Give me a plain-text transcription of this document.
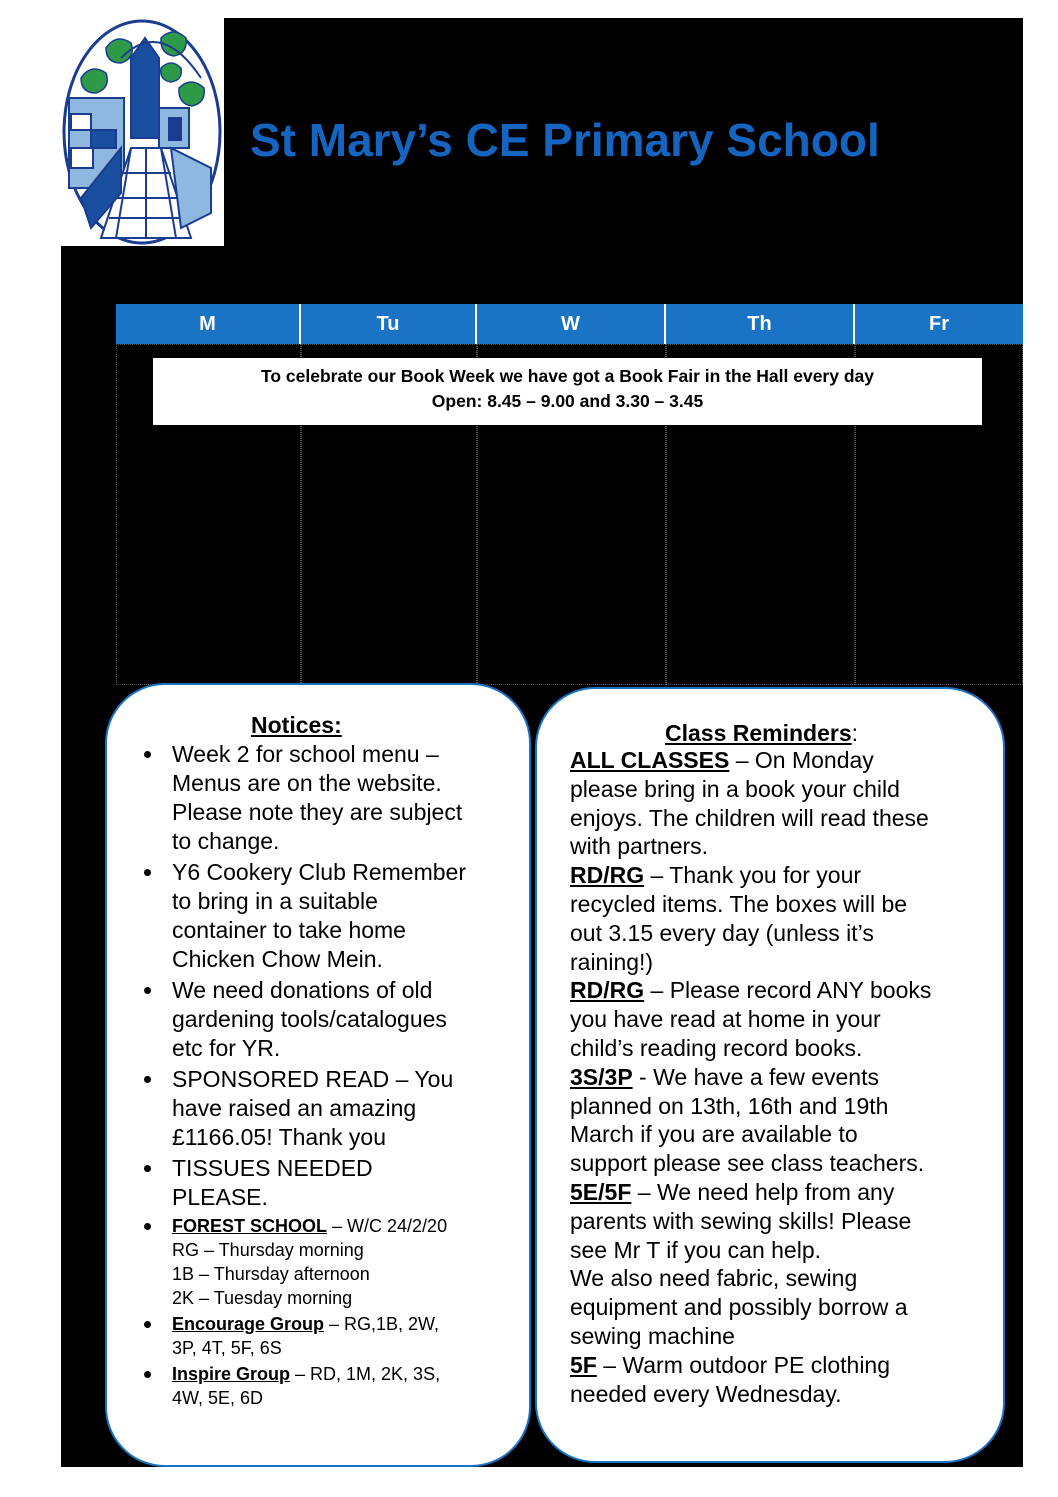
St Mary’s CE Primary School
M	Tu	W	Th	Fr
To celebrate our Book Week we have got a Book Fair in the Hall every day
Open: 8.45 – 9.00 and 3.30 – 3.45
Notices:
Week 2 for school menu –
Menus are on the website.
Please note they are subject
to change.
Y6 Cookery Club Remember
to bring in a suitable
container to take home
Chicken Chow Mein.
We need donations of old
gardening tools/catalogues
etc for YR.
SPONSORED READ – You
have raised an amazing
£1166.05! Thank you
TISSUES NEEDED
PLEASE.
FOREST SCHOOL – W/C 24/2/20
RG – Thursday morning
1B – Thursday afternoon
2K – Tuesday morning
Encourage Group – RG,1B, 2W,
3P, 4T, 5F, 6S
Inspire Group – RD, 1M, 2K, 3S,
4W, 5E, 6D
Class Reminders:
ALL CLASSES – On Monday
please bring in a book your child
enjoys. The children will read these
with partners.
RD/RG – Thank you for your
recycled items. The boxes will be
out 3.15 every day (unless it’s
raining!)
RD/RG – Please record ANY books
you have read at home in your
child’s reading record books.
3S/3P - We have a few events
planned on 13th, 16th and 19th
March if you are available to
support please see class teachers.
5E/5F – We need help from any
parents with sewing skills! Please
see Mr T if you can help.
We also need fabric, sewing
equipment and possibly borrow a
sewing machine
5F – Warm outdoor PE clothing
needed every Wednesday.
